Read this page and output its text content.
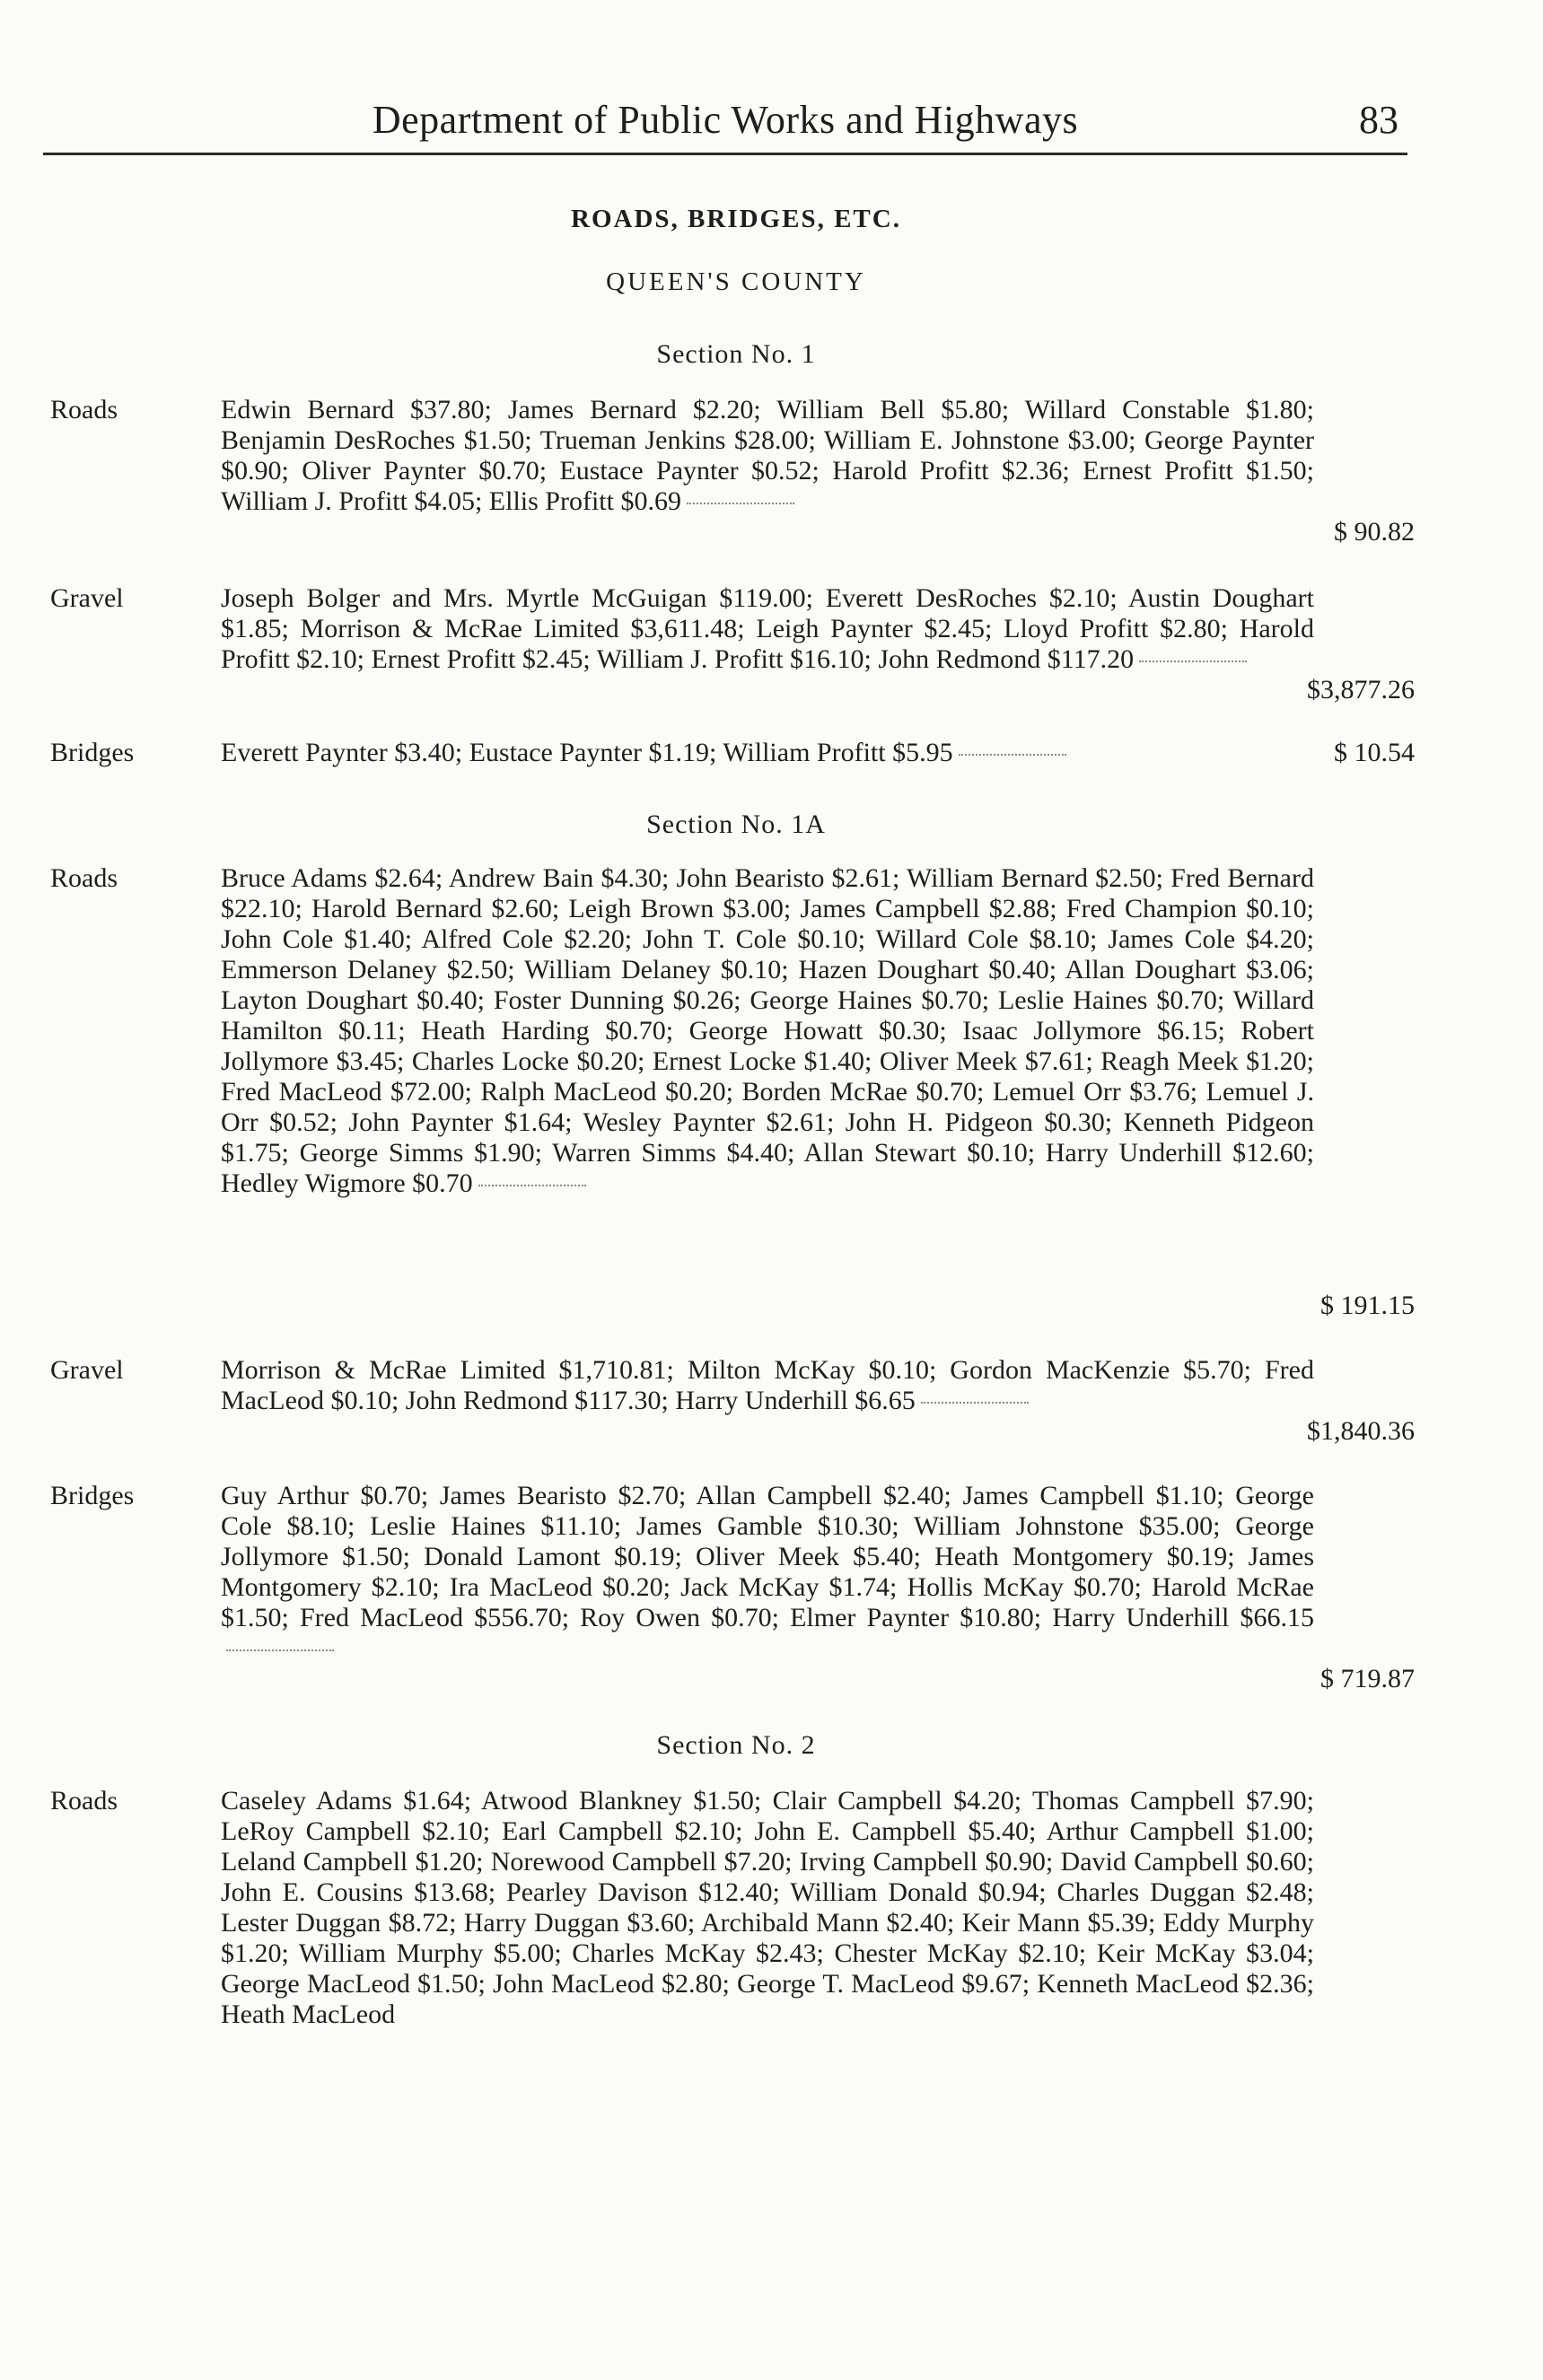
Department of Public Works and Highways	83
ROADS, BRIDGES, ETC.
QUEEN'S COUNTY
Section No. 1
Roads	Edwin Bernard $37.80; James Bernard $2.20; William Bell $5.80; Willard Constable $1.80; Benjamin DesRoches $1.50; Trueman Jenkins $28.00; William E. Johnstone $3.00; George Paynter $0.90; Oliver Paynter $0.70; Eustace Paynter $0.52; Harold Profitt $2.36; Ernest Profitt $1.50; William J. Profitt $4.05; Ellis Profitt $0.69
$ 90.82
Gravel	Joseph Bolger and Mrs. Myrtle McGuigan $119.00; Everett DesRoches $2.10; Austin Doughart $1.85; Morrison & McRae Limited $3,611.48; Leigh Paynter $2.45; Lloyd Profitt $2.80; Harold Profitt $2.10; Ernest Profitt $2.45; William J. Profitt $16.10; John Redmond $117.20
$3,877.26
Bridges	Everett Paynter $3.40; Eustace Paynter $1.19; William Profitt $5.95	$ 10.54
Section No. 1A
Roads	Bruce Adams $2.64; Andrew Bain $4.30; John Bearisto $2.61; William Bernard $2.50; Fred Bernard $22.10; Harold Bernard $2.60; Leigh Brown $3.00; James Campbell $2.88; Fred Champion $0.10; John Cole $1.40; Alfred Cole $2.20; John T. Cole $0.10; Willard Cole $8.10; James Cole $4.20; Emmerson Delaney $2.50; William Delaney $0.10; Hazen Doughart $0.40; Allan Doughart $3.06; Layton Doughart $0.40; Foster Dunning $0.26; George Haines $0.70; Leslie Haines $0.70; Willard Hamilton $0.11; Heath Harding $0.70; George Howatt $0.30; Isaac Jollymore $6.15; Robert Jollymore $3.45; Charles Locke $0.20; Ernest Locke $1.40; Oliver Meek $7.61; Reagh Meek $1.20; Fred MacLeod $72.00; Ralph MacLeod $0.20; Borden McRae $0.70; Lemuel Orr $3.76; Lemuel J. Orr $0.52; John Paynter $1.64; Wesley Paynter $2.61; John H. Pidgeon $0.30; Kenneth Pidgeon $1.75; George Simms $1.90; Warren Simms $4.40; Allan Stewart $0.10; Harry Underhill $12.60; Hedley Wigmore $0.70
$ 191.15
Gravel	Morrison & McRae Limited $1,710.81; Milton McKay $0.10; Gordon MacKenzie $5.70; Fred MacLeod $0.10; John Redmond $117.30; Harry Underhill $6.65
$1,840.36
Bridges	Guy Arthur $0.70; James Bearisto $2.70; Allan Campbell $2.40; James Campbell $1.10; George Cole $8.10; Leslie Haines $11.10; James Gamble $10.30; William Johnstone $35.00; George Jollymore $1.50; Donald Lamont $0.19; Oliver Meek $5.40; Heath Montgomery $0.19; James Montgomery $2.10; Ira MacLeod $0.20; Jack McKay $1.74; Hollis McKay $0.70; Harold McRae $1.50; Fred MacLeod $556.70; Roy Owen $0.70; Elmer Paynter $10.80; Harry Underhill $66.15
$ 719.87
Section No. 2
Roads	Caseley Adams $1.64; Atwood Blankney $1.50; Clair Campbell $4.20; Thomas Campbell $7.90; LeRoy Campbell $2.10; Earl Campbell $2.10; John E. Campbell $5.40; Arthur Campbell $1.00; Leland Campbell $1.20; Norewood Campbell $7.20; Irving Campbell $0.90; David Campbell $0.60; John E. Cousins $13.68; Pearley Davison $12.40; William Donald $0.94; Charles Duggan $2.48; Lester Duggan $8.72; Harry Duggan $3.60; Archibald Mann $2.40; Keir Mann $5.39; Eddy Murphy $1.20; William Murphy $5.00; Charles McKay $2.43; Chester McKay $2.10; Keir McKay $3.04; George MacLeod $1.50; John MacLeod $2.80; George T. MacLeod $9.67; Kenneth MacLeod $2.36; Heath MacLeod
